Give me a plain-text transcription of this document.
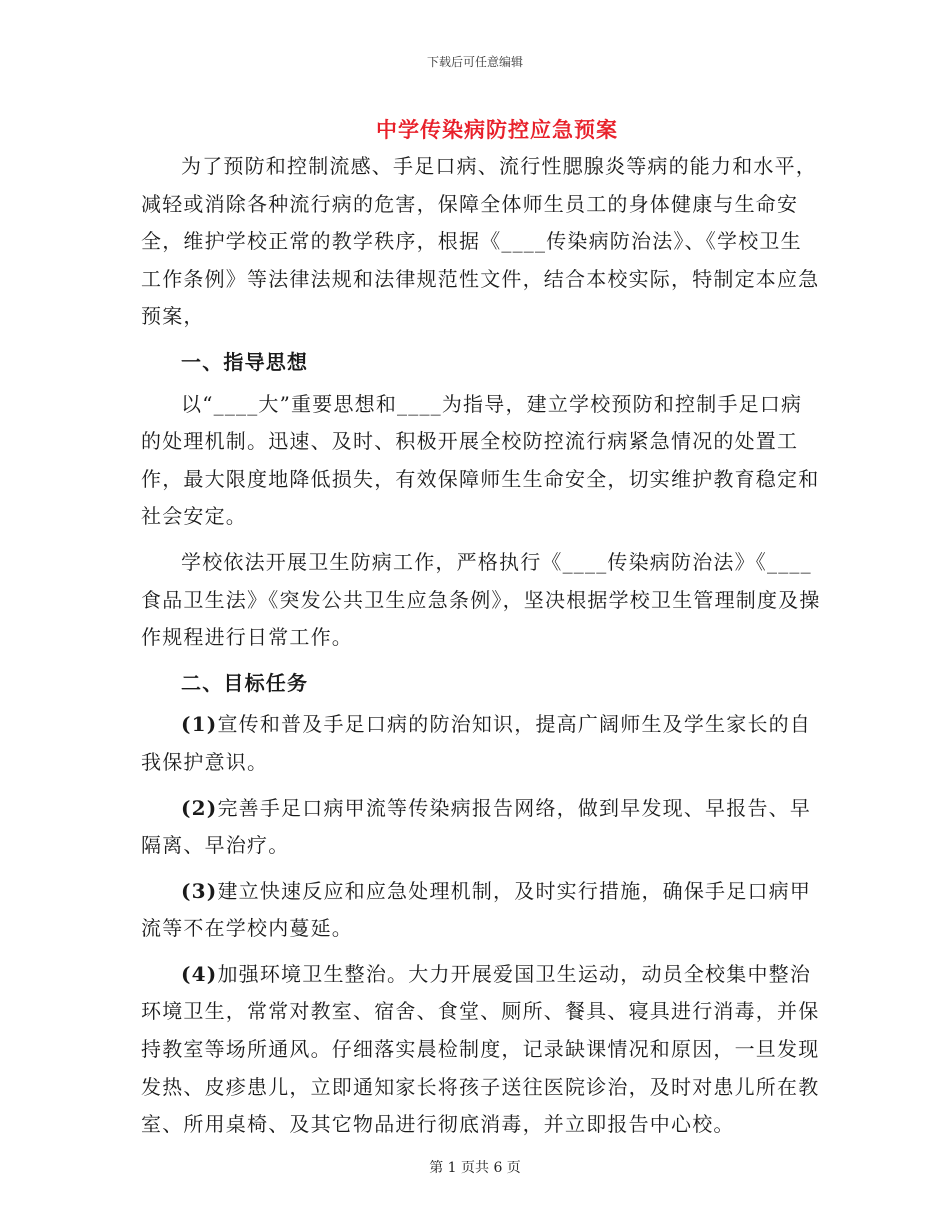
下载后可任意编辑
中学传染病防控应急预案

为了预防和控制流感、手足口病、流行性腮腺炎等病的能力和水平，减轻或消除各种流行病的危害，保障全体师生员工的身体健康与生命安全，维护学校正常的教学秩序，根据《____传染病防治法》、《学校卫生工作条例》等法律法规和法律规范性文件，结合本校实际，特制定本应急预案，

一、指导思想

以“____大”重要思想和____为指导，建立学校预防和控制手足口病的处理机制。迅速、及时、积极开展全校防控流行病紧急情况的处置工作，最大限度地降低损失，有效保障师生生命安全，切实维护教育稳定和社会安定。

学校依法开展卫生防病工作，严格执行《____传染病防治法》《____食品卫生法》《突发公共卫生应急条例》，坚决根据学校卫生管理制度及操作规程进行日常工作。

二、目标任务

(1)宣传和普及手足口病的防治知识，提高广阔师生及学生家长的自我保护意识。

(2)完善手足口病甲流等传染病报告网络，做到早发现、早报告、早隔离、早治疗。

(3)建立快速反应和应急处理机制，及时实行措施，确保手足口病甲流等不在学校内蔓延。

(4)加强环境卫生整治。大力开展爱国卫生运动，动员全校集中整治环境卫生，常常对教室、宿舍、食堂、厕所、餐具、寝具进行消毒，并保持教室等场所通风。仔细落实晨检制度，记录缺课情况和原因，一旦发现发热、皮疹患儿，立即通知家长将孩子送往医院诊治，及时对患儿所在教室、所用桌椅、及其它物品进行彻底消毒，并立即报告中心校。

第 1 页共 6 页
